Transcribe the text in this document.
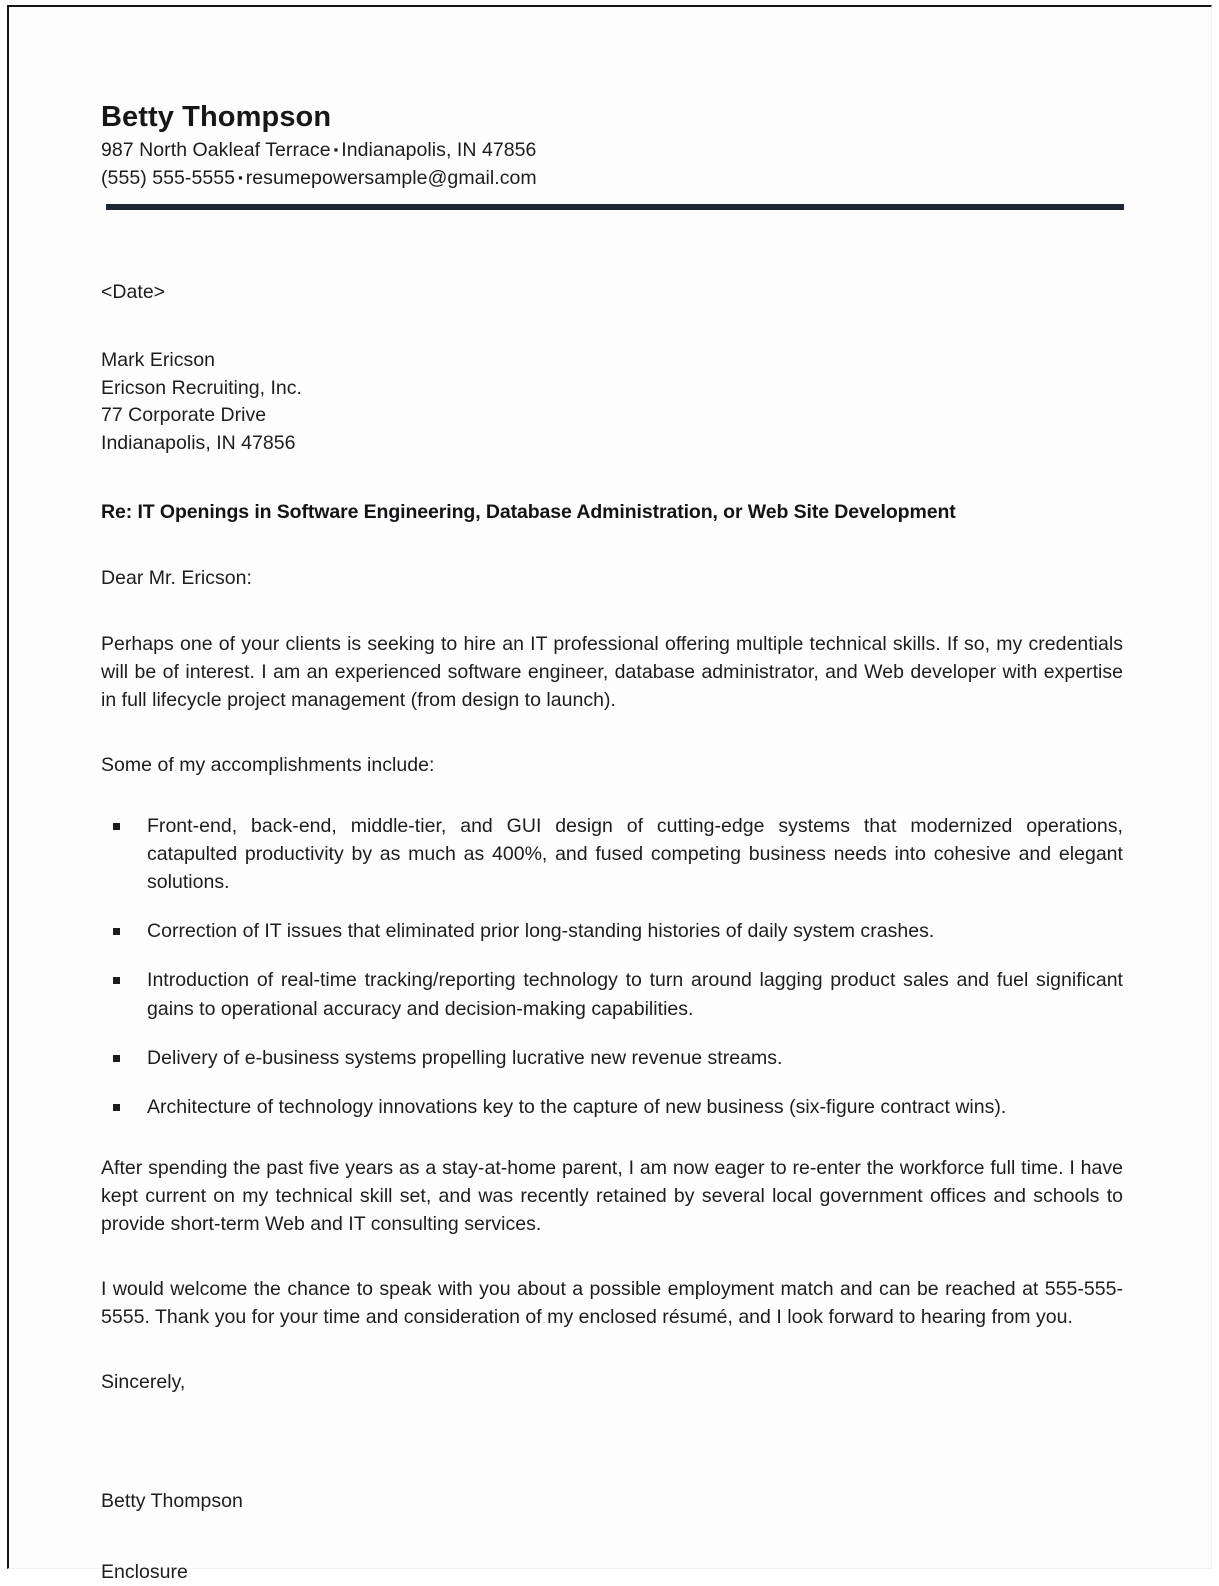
Betty Thompson
987 North Oakleaf Terrace ▪ Indianapolis, IN 47856
(555) 555-5555 ▪ resumepowersample@gmail.com
<Date>
Mark Ericson
Ericson Recruiting, Inc.
77 Corporate Drive
Indianapolis, IN 47856
Re: IT Openings in Software Engineering, Database Administration, or Web Site Development
Dear Mr. Ericson:

Perhaps one of your clients is seeking to hire an IT professional offering multiple technical skills. If so, my credentials will be of interest. I am an experienced software engineer, database administrator, and Web developer with expertise in full lifecycle project management (from design to launch).

Some of my accomplishments include:

Front-end, back-end, middle-tier, and GUI design of cutting-edge systems that modernized operations, catapulted productivity by as much as 400%, and fused competing business needs into cohesive and elegant solutions.
Correction of IT issues that eliminated prior long-standing histories of daily system crashes.
Introduction of real-time tracking/reporting technology to turn around lagging product sales and fuel significant gains to operational accuracy and decision-making capabilities.
Delivery of e-business systems propelling lucrative new revenue streams.
Architecture of technology innovations key to the capture of new business (six-figure contract wins).

After spending the past five years as a stay-at-home parent, I am now eager to re-enter the workforce full time. I have kept current on my technical skill set, and was recently retained by several local government offices and schools to provide short-term Web and IT consulting services.

I would welcome the chance to speak with you about a possible employment match and can be reached at 555-555-5555. Thank you for your time and consideration of my enclosed résumé, and I look forward to hearing from you.

Sincerely,
Betty Thompson
Enclosure
